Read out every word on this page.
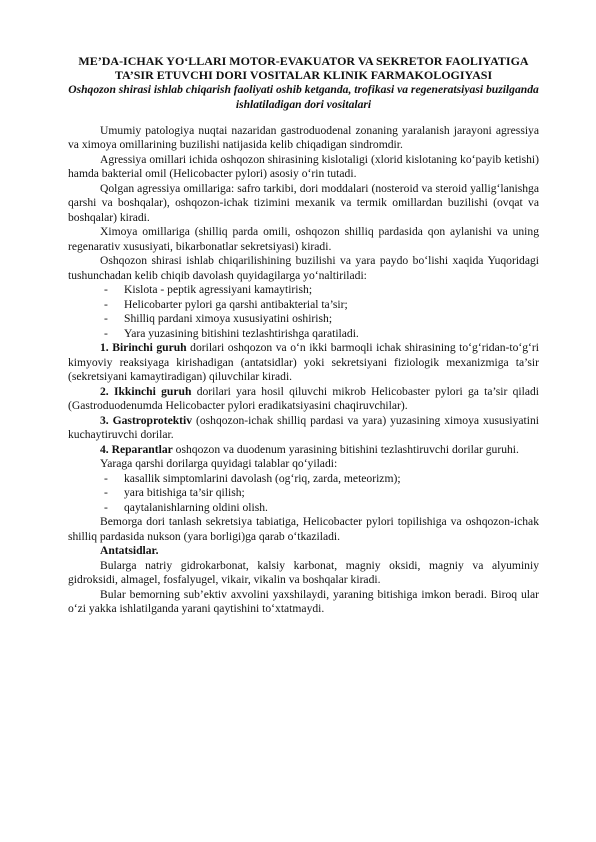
ME’DA-ICHAK YO‘LLARI MOTOR-EVAKUATOR VA SEKRETOR FAOLIYATIGA TA’SIR ETUVCHI DORI VOSITALAR KLINIK FARMAKOLOGIYASI
Oshqozon shirasi ishlab chiqarish faoliyati oshib ketganda, trofikasi va regeneratsiyasi buzilganda ishlatiladigan dori vositalari

Umumiy patologiya nuqtai nazaridan gastroduodenal zonaning yaralanish jarayoni agressiya va ximoya omillarining buzilishi natijasida kelib chiqadigan sindromdir.

Agressiya omillari ichida oshqozon shirasining kislotaligi (xlorid kislotaning ko‘payib ketishi) hamda bakterial omil (Helicobacter pylori) asosiy o‘rin tutadi.

Qolgan agressiya omillariga: safro tarkibi, dori moddalari (nosteroid va steroid yallig‘lanishga qarshi va boshqalar), oshqozon-ichak tizimini mexanik va termik omillardan buzilishi (ovqat va boshqalar) kiradi.

Ximoya omillariga (shilliq parda omili, oshqozon shilliq pardasida qon aylanishi va uning regenarativ xususiyati, bikarbonatlar sekretsiyasi) kiradi.

Oshqozon shirasi ishlab chiqarilishining buzilishi va yara paydo bo‘lishi xaqida Yuqoridagi tushunchadan kelib chiqib davolash quyidagilarga yo‘naltiriladi:

- Kislota - peptik agressiyani kamaytirish;
- Helicobarter pylori ga qarshi antibakterial ta’sir;
- Shilliq pardani ximoya xususiyatini oshirish;
- Yara yuzasining bitishini tezlashtirishga qaratiladi.

1. Birinchi guruh dorilari oshqozon va o‘n ikki barmoqli ichak shirasining to‘g‘ridan-to‘g‘ri kimyoviy reaksiyaga kirishadigan (antatsidlar) yoki sekretsiyani fiziologik mexanizmiga ta’sir (sekretsiyani kamaytiradigan) qiluvchilar kiradi.

2. Ikkinchi guruh dorilari yara hosil qiluvchi mikrob Helicobaster pylori ga ta’sir qiladi (Gastroduodenumda Helicobacter pylori eradikatsiyasini chaqiruvchilar).

3. Gastroprotektiv (oshqozon-ichak shilliq pardasi va yara) yuzasining ximoya xususiyatini kuchaytiruvchi dorilar.

4. Reparantlar oshqozon va duodenum yarasining bitishini tezlashtiruvchi dorilar guruhi.

Yaraga qarshi dorilarga quyidagi talablar qo‘yiladi:

- kasallik simptomlarini davolash (og‘riq, zarda, meteorizm);
- yara bitishiga ta’sir qilish;
- qaytalanishlarning oldini olish.

Bemorga dori tanlash sekretsiya tabiatiga, Helicobacter pylori topilishiga va oshqozon-ichak shilliq pardasida nukson (yara borligi)ga qarab o‘tkaziladi.

Antatsidlar.

Bularga natriy gidrokarbonat, kalsiy karbonat, magniy oksidi, magniy va alyuminiy gidroksidi, almagel, fosfalyugel, vikair, vikalin va boshqalar kiradi.

Bular bemorning sub’ektiv axvolini yaxshilaydi, yaraning bitishiga imkon beradi. Biroq ular o‘zi yakka ishlatilganda yarani qaytishini to‘xtatmaydi.
